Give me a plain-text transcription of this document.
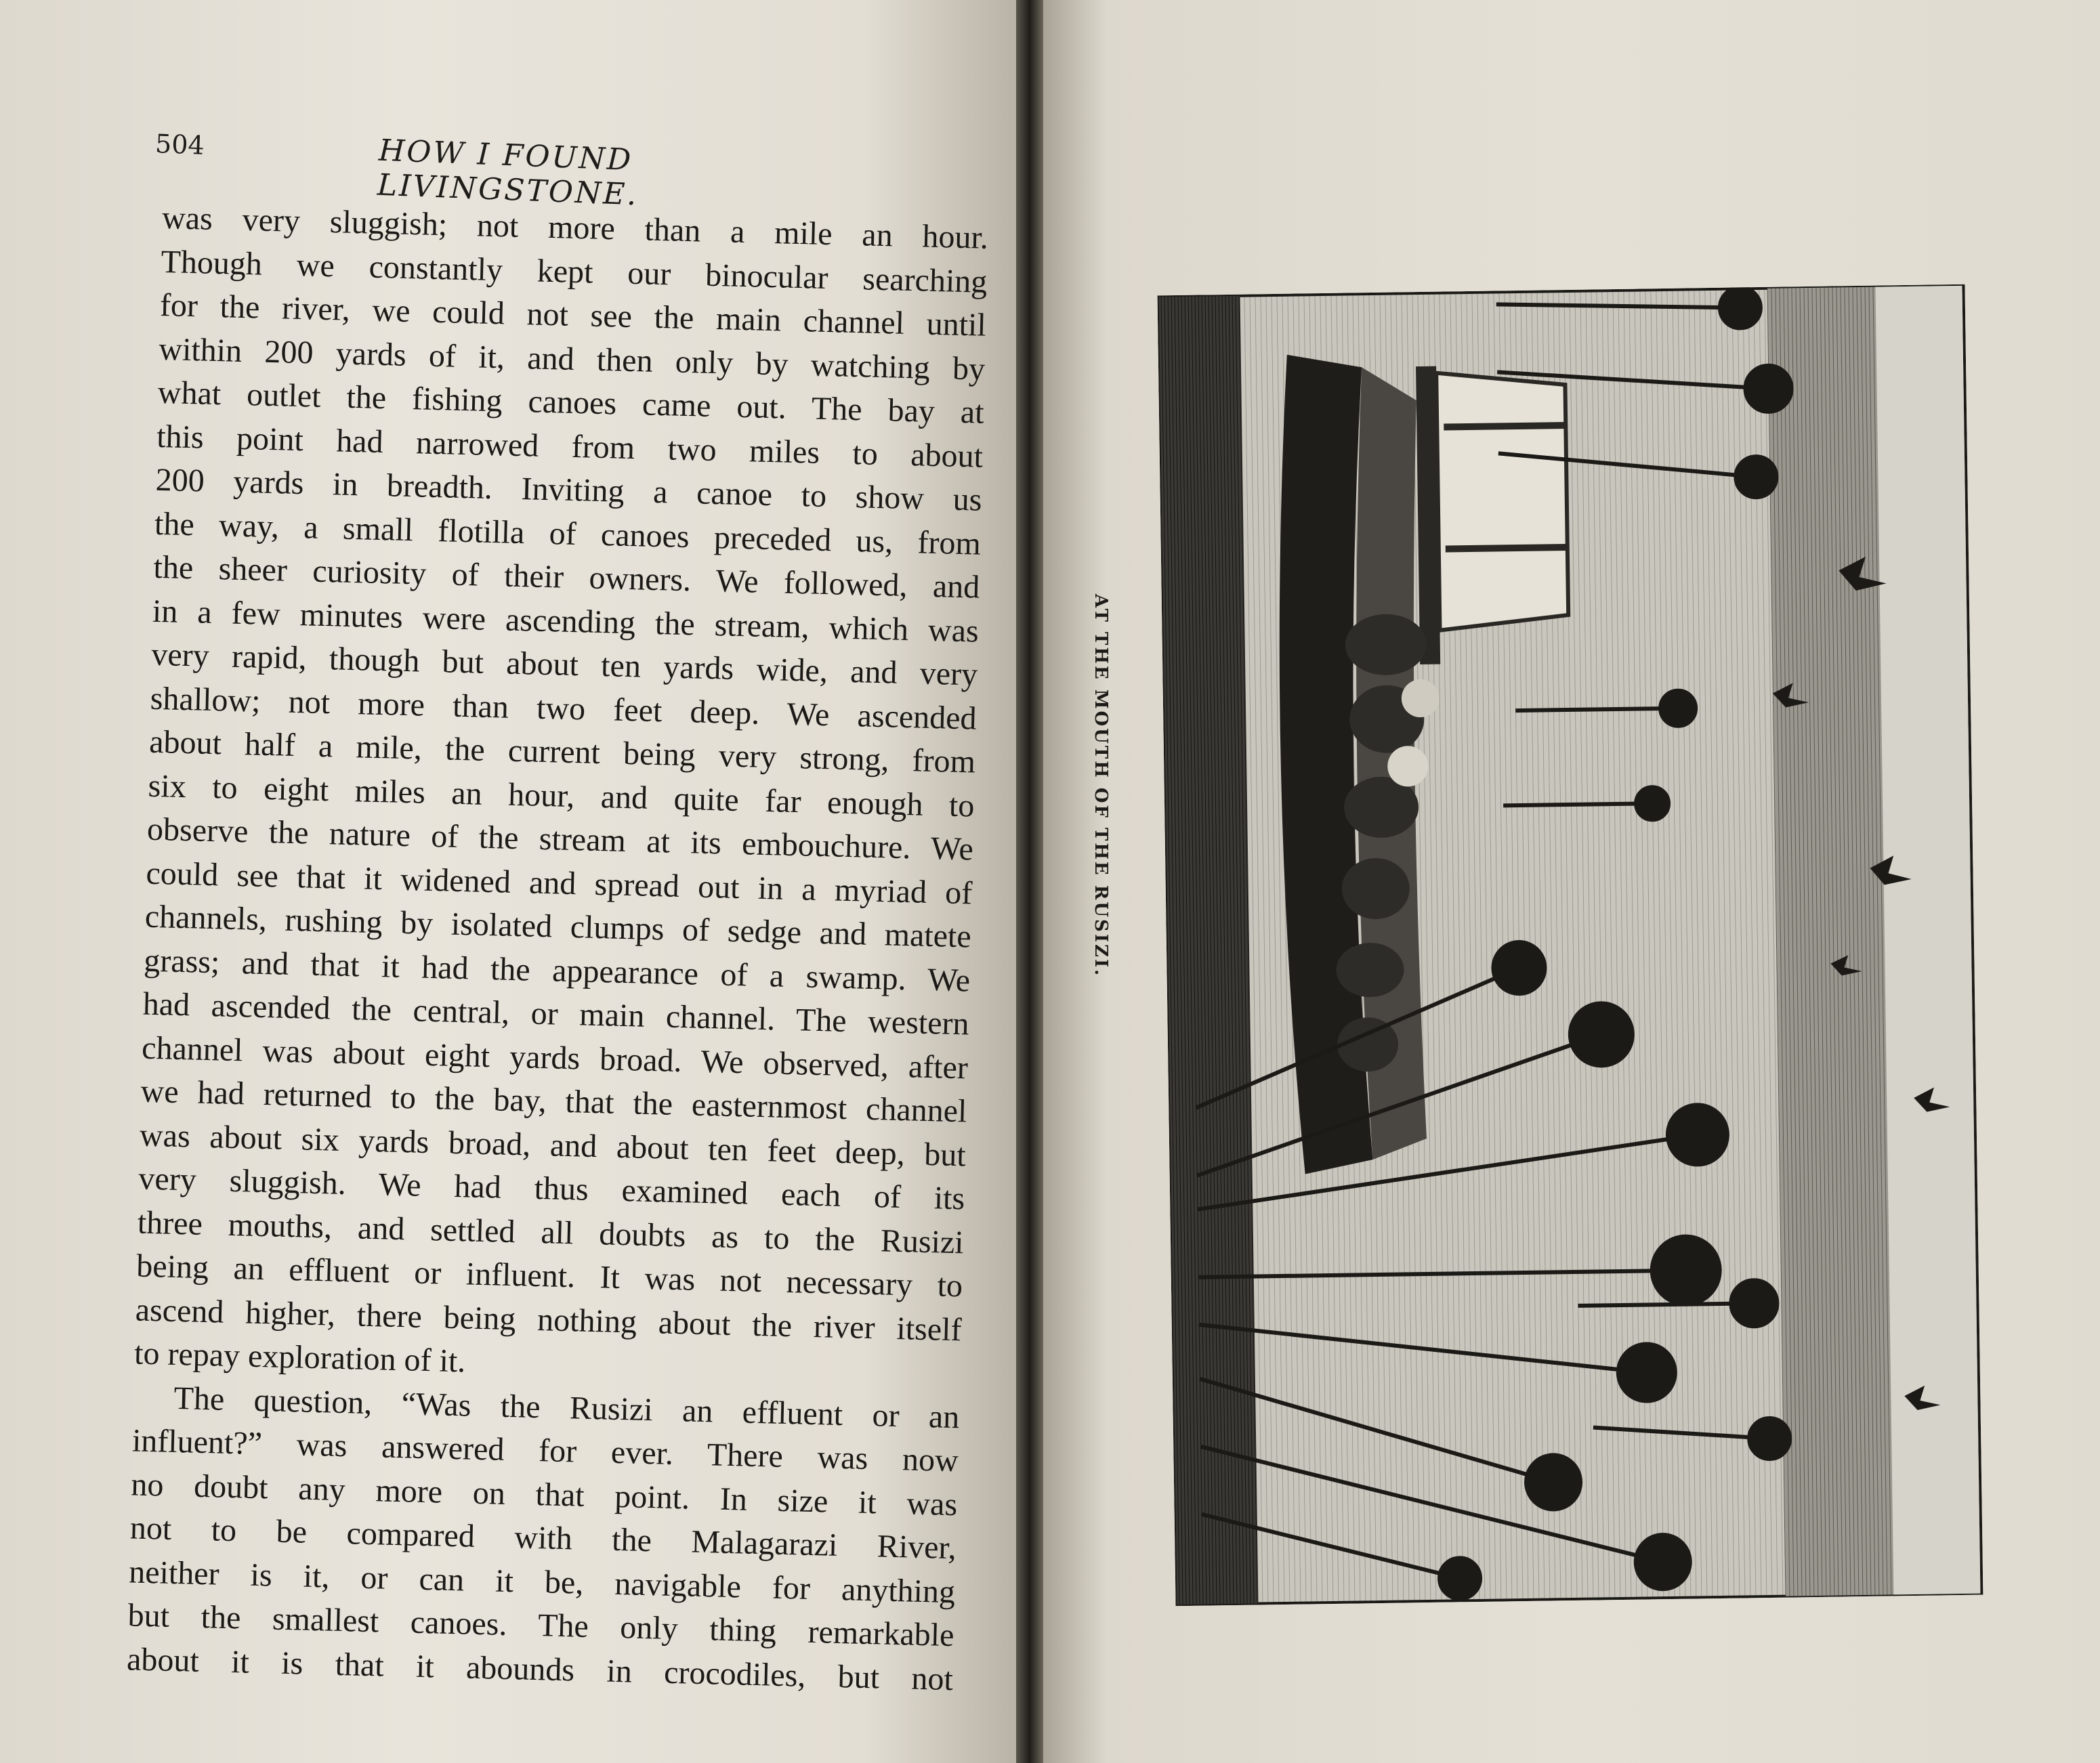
504	HOW I FOUND LIVINGSTONE.
was very sluggish; not more than a mile an hour.
Though we constantly kept our binocular searching
for the river, we could not see the main channel until
within 200 yards of it, and then only by watching by
what outlet the fishing canoes came out. The bay at
this point had narrowed from two miles to about
200 yards in breadth. Inviting a canoe to show us
the way, a small flotilla of canoes preceded us, from
the sheer curiosity of their owners. We followed, and
in a few minutes were ascending the stream, which was
very rapid, though but about ten yards wide, and very
shallow; not more than two feet deep. We ascended
about half a mile, the current being very strong, from
six to eight miles an hour, and quite far enough to
observe the nature of the stream at its embouchure. We
could see that it widened and spread out in a myriad of
channels, rushing by isolated clumps of sedge and matete
grass; and that it had the appearance of a swamp. We
had ascended the central, or main channel. The western
channel was about eight yards broad. We observed, after
we had returned to the bay, that the easternmost channel
was about six yards broad, and about ten feet deep, but
very sluggish. We had thus examined each of its
three mouths, and settled all doubts as to the Rusizi
being an effluent or influent. It was not necessary to
ascend higher, there being nothing about the river itself
to repay exploration of it.
The question, “Was the Rusizi an effluent or an
influent?” was answered for ever. There was now
no doubt any more on that point. In size it was
not to be compared with the Malagarazi River,
neither is it, or can it be, navigable for anything
but the smallest canoes. The only thing remarkable
about it is that it abounds in crocodiles, but not
AT THE MOUTH OF THE RUSIZI.
